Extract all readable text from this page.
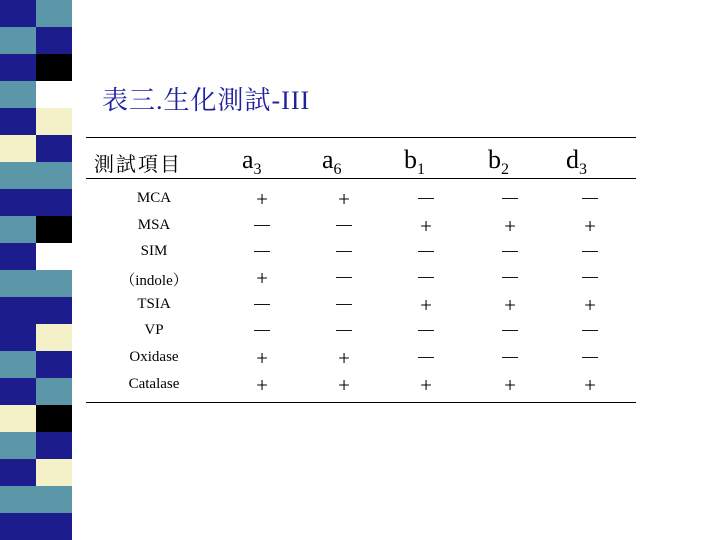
表三.生化測試-III
測試項目 $a_3$ $a_6$ $b_1$ $b_2$ $d_3$
MCA	+	+	－	－	－
MSA	－	－	+	+	+
SIM	－	－	－	－	－
（indole）	+	－	－	－	－
TSIA	－	－	+	+	+
VP	－	－	－	－	－
Oxidase	+	+	－	－	－
Catalase	+	+	+	+	+
